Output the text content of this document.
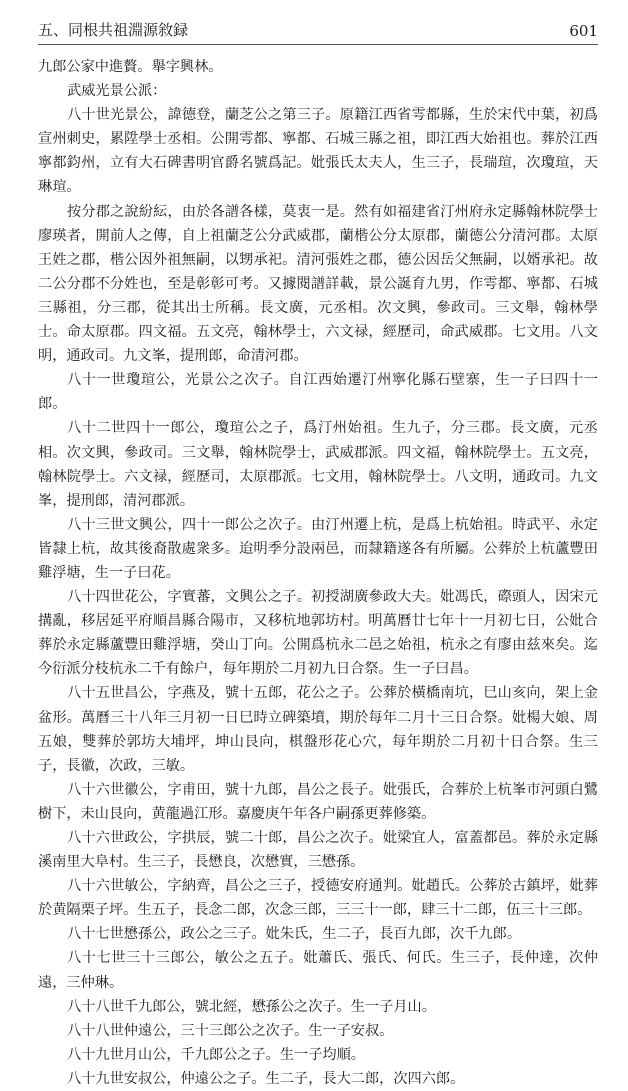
五、同根共祖淵源敘録	601

九郎公家中進贅。舉字興林。

武威光景公派：

八十世光景公，諱德登，蘭芝公之第三子。原籍江西省雩都縣，生於宋代中葉，初爲宣州刺史，累陞學士丞相。公開雩都、寧都、石城三縣之祖，即江西大始祖也。葬於江西寧都鈞州，立有大石碑書明官爵名號爲記。妣張氏太夫人，生三子，長瑞瑄，次瓊瑄，天琳瑄。

按分郡之說紛紜，由於各譜各樣，莫衷一是。然有如福建省汀州府永定縣翰林院學士廖瑛者，開前人之傳，自上祖蘭芝公分武威郡，蘭楷公分太原郡，蘭德公分清河郡。太原王姓之郡，楷公因外祖無嗣，以甥承祀。清河張姓之郡，德公因岳父無嗣，以婿承祀。故二公分郡不分姓也，至是彰彰可考。又據閱譜詳載，景公誕育九男，作雩都、寧都、石城三縣祖，分三郡，從其出士所稱。長文廣，元丞相。次文興，參政司。三文舉，翰林學士。命太原郡。四文福。五文亮，翰林學士，六文禄，經歷司，命武威郡。七文用。八文明，通政司。九文峯，提刑郎，命清河郡。

八十一世瓊瑄公，光景公之次子。自江西始遷汀州寧化縣石壁寨，生一子曰四十一郎。

八十二世四十一郎公，瓊瑄公之子，爲汀州始祖。生九子，分三郡。長文廣，元丞相。次文興，參政司。三文舉，翰林院學士，武威郡派。四文福，翰林院學士。五文亮，翰林院學士。六文禄，經歷司，太原郡派。七文用，翰林院學士。八文明，通政司。九文峯，提刑郎，清河郡派。

八十三世文興公，四十一郎公之次子。由汀州遷上杭，是爲上杭始祖。時武平、永定皆隸上杭，故其後裔散處衆多。迨明季分設兩邑，而隸籍遂各有所屬。公葬於上杭蘆豐田雞浮塘，生一子曰花。

八十四世花公，字實蕃，文興公之子。初授湖廣參政大夫。妣馮氏，磜頭人，因宋元搆亂，移居延平府順昌縣合陽市，又移杭地郭坊村。明萬曆廿七年十一月初七日，公妣合葬於永定縣蘆豐田雞浮塘，癸山丁向。公開爲杭永二邑之始祖，杭永之有廖由兹來矣。迄今衍派分枝杭永二千有餘户，每年期於二月初九日合祭。生一子曰昌。

八十五世昌公，字燕及，號十五郎，花公之子。公葬於橫橋南坑，巳山亥向，架上金盆形。萬曆三十八年三月初一日巳時立碑築墳，期於每年二月十三日合祭。妣楊大娘、周五娘，雙葬於郭坊大埔坪，坤山艮向，棋盤形花心穴，每年期於二月初十日合祭。生三子，長徽，次政，三敏。

八十六世徽公，字甫田，號十九郎，昌公之長子。妣張氏，合葬於上杭峯市河頭白鷺樹下，未山艮向，黄龍過江形。嘉慶庚午年各户嗣孫更葬修築。

八十六世政公，字拱辰，號二十郎，昌公之次子。妣梁宜人，富蓋都邑。葬於永定縣溪南里大阜村。生三子，長懋良，次懋實，三懋孫。

八十六世敏公，字納齊，昌公之三子，授德安府通判。妣趙氏。公葬於古鎮坪，妣葬於黄隔栗子坪。生五子，長念二郎，次念三郎，三三十一郎，肆三十二郎，伍三十三郎。

八十七世懋孫公，政公之三子。妣朱氏，生二子，長百九郎，次千九郎。

八十七世三十三郎公，敏公之五子。妣蕭氏、張氏、何氏。生三子，長仲達，次仲遠，三仲琳。

八十八世千九郎公，號北經，懋孫公之次子。生一子月山。

八十八世仲遠公，三十三郎公之次子。生一子安叔。

八十九世月山公，千九郎公之子。生一子均順。

八十九世安叔公，仲遠公之子。生二子，長大二郎，次四六郎。
